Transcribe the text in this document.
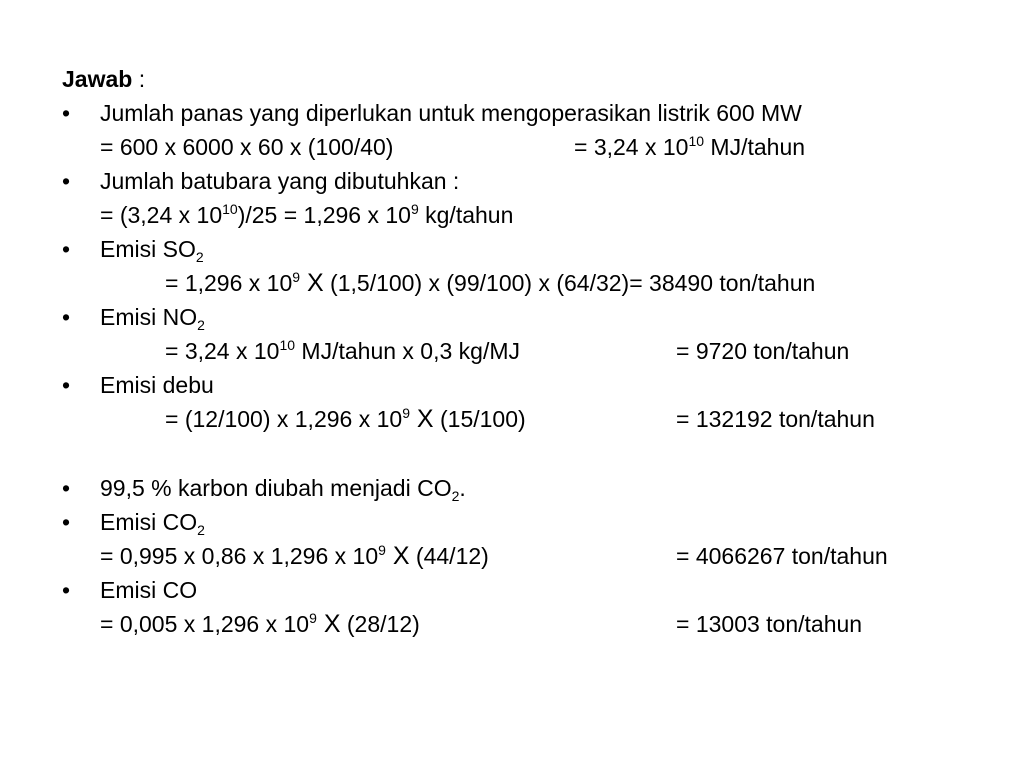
Jawab :
• Jumlah panas yang diperlukan untuk mengoperasikan listrik 600 MW
= 600 x 6000 x 60 x (100/40)	= 3,24 x $10^{10}$ MJ/tahun
• Jumlah batubara yang dibutuhkan :
= (3,24 x $10^{10})/25 = 1,296$ x $10^9$ kg/tahun
• Emisi $SO_2$
= 1,296 x $10^9$ X (1,5/100) x (99/100) x (64/32)= 38490 ton/tahun
• Emisi $NO_2$
= 3,24 x $10^{10}$ MJ/tahun x 0,3 kg/MJ	= 9720 ton/tahun
• Emisi debu
= (12/100) x 1,296 x $10^9$ X (15/100)	= 132192 ton/tahun
• 99,5 % karbon diubah menjadi $CO_2$.
• Emisi $CO_2$
= 0,995 x 0,86 x 1,296 x $10^9$ X (44/12)	= 4066267 ton/tahun
• Emisi CO
= 0,005 x 1,296 x $10^9$ X (28/12)	= 13003 ton/tahun
